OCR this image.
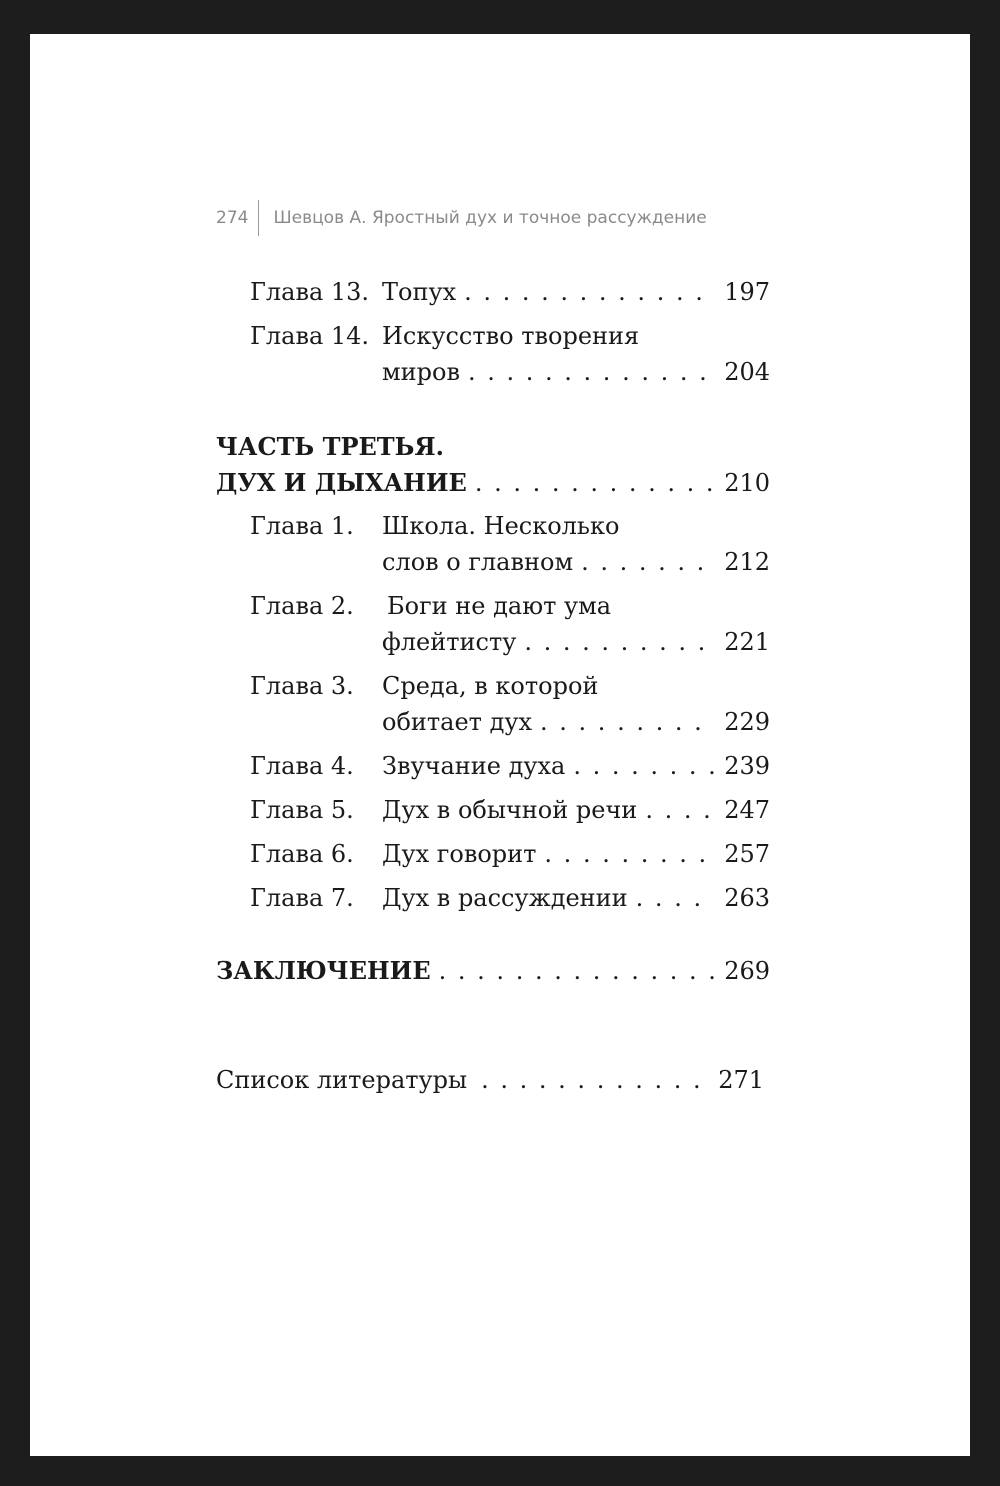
274 Шевцов А. Яростный дух и точное рассуждение
Глава 13. Топух . . .	197
Глава 14. Искусство творения
миров . . .	204
ЧАСТЬ ТРЕТЬЯ.
ДУХ И ДЫХАНИЕ . . .	210
Глава 1. Школа. Несколько
слов о главном . . .	212
Глава 2. Боги не дают ума
флейтисту . . .	221
Глава 3. Среда, в которой
обитает дух . . .	229
Глава 4. Звучание духа . . .	239
Глава 5. Дух в обычной речи . . .	247
Глава 6. Дух говорит . . .	257
Глава 7. Дух в рассуждении . . .	263
ЗАКЛЮЧЕНИЕ . . .	269
Список литературы . . .	271
